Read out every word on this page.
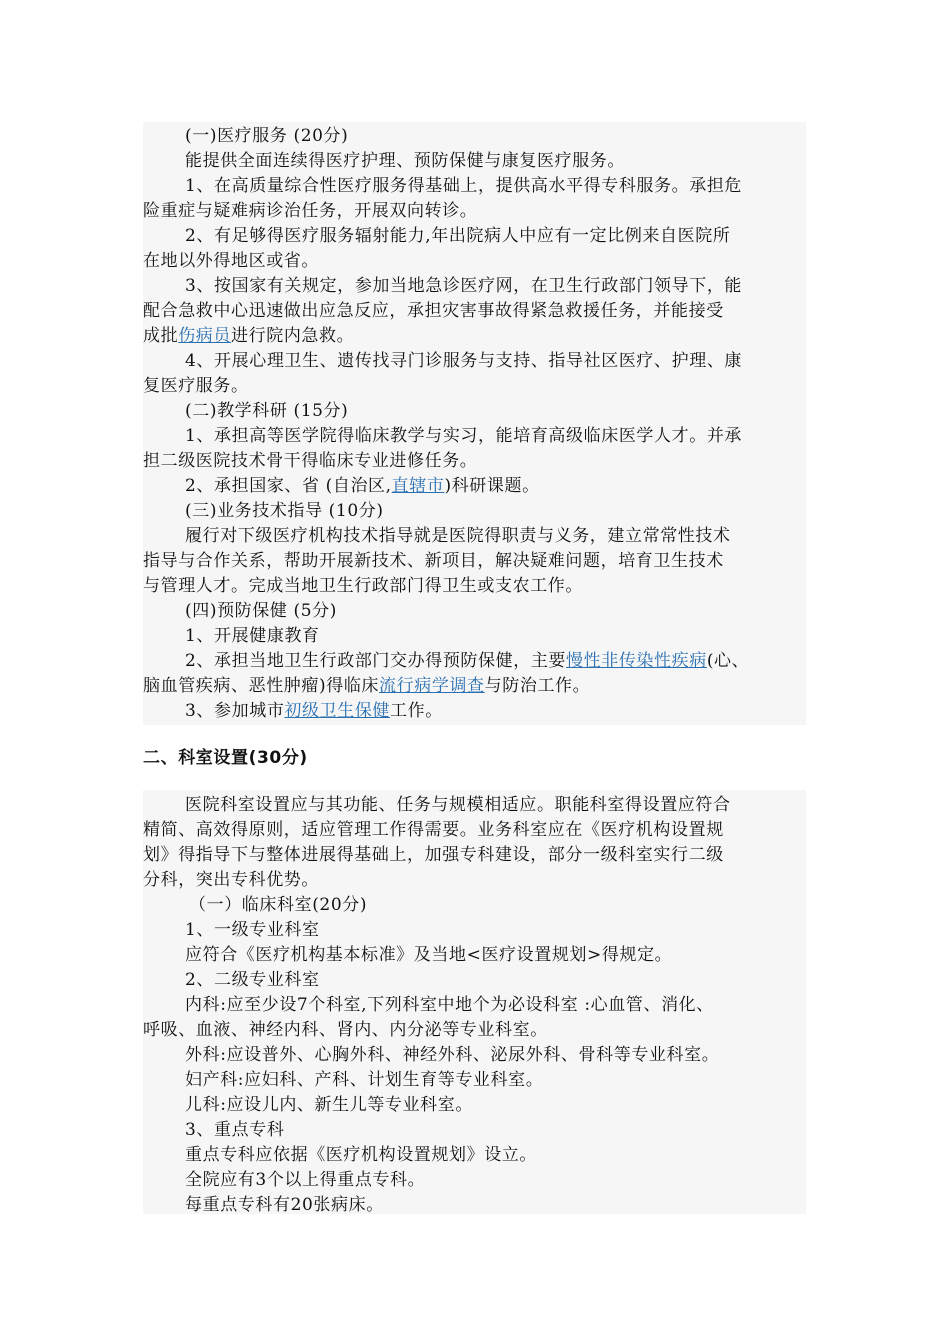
(一)医疗服务 (20分)
能提供全面连续得医疗护理、预防保健与康复医疗服务。
1、在高质量综合性医疗服务得基础上，提供高水平得专科服务。承担危
险重症与疑难病诊治任务，开展双向转诊。
2、有足够得医疗服务辐射能力,年出院病人中应有一定比例来自医院所
在地以外得地区或省。
3、按国家有关规定，参加当地急诊医疗网，在卫生行政部门领导下，能
配合急救中心迅速做出应急反应，承担灾害事故得紧急救援任务，并能接受
成批伤病员进行院内急救。
4、开展心理卫生、遗传找寻门诊服务与支持、指导社区医疗、护理、康
复医疗服务。
(二)教学科研 (15分)
1、承担高等医学院得临床教学与实习，能培育高级临床医学人才。并承
担二级医院技术骨干得临床专业进修任务。
2、承担国家、省 (自治区,直辖市)科研课题。
(三)业务技术指导 (10分)
履行对下级医疗机构技术指导就是医院得职责与义务，建立常常性技术
指导与合作关系，帮助开展新技术、新项目，解决疑难问题，培育卫生技术
与管理人才。完成当地卫生行政部门得卫生或支农工作。
(四)预防保健 (5分)
1、开展健康教育
2、承担当地卫生行政部门交办得预防保健，主要慢性非传染性疾病(心、
脑血管疾病、恶性肿瘤)得临床流行病学调查与防治工作。
3、参加城市初级卫生保健工作。
二、科室设置(30分)
医院科室设置应与其功能、任务与规模相适应。职能科室得设置应符合
精简、高效得原则，适应管理工作得需要。业务科室应在《医疗机构设置规
划》得指导下与整体进展得基础上，加强专科建设，部分一级科室实行二级
分科，突出专科优势。
（一）临床科室(20分)
1、一级专业科室
应符合《医疗机构基本标准》及当地<医疗设置规划>得规定。
2、二级专业科室
内科:应至少设7个科室,下列科室中地个为必设科室 :心血管、消化、
呼吸、血液、神经内科、肾内、内分泌等专业科室。
外科:应设普外、心胸外科、神经外科、泌尿外科、骨科等专业科室。
妇产科:应妇科、产科、计划生育等专业科室。
儿科:应设儿内、新生儿等专业科室。
3、重点专科
重点专科应依据《医疗机构设置规划》设立。
全院应有3个以上得重点专科。
每重点专科有20张病床。
